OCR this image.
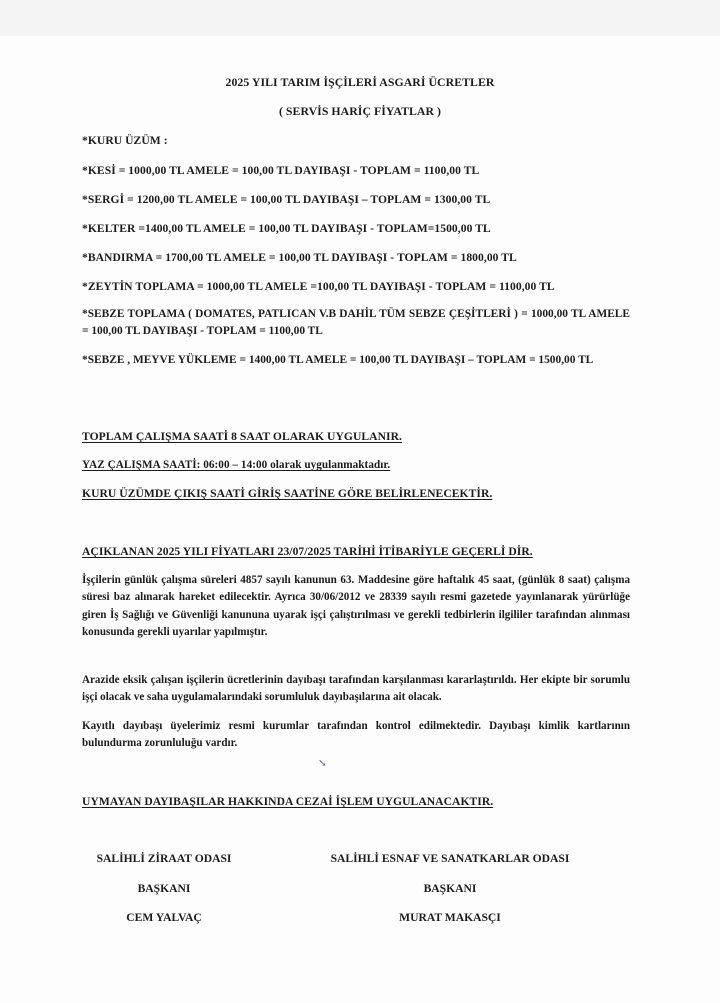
2025 YILI TARIM İŞÇİLERİ ASGARİ ÜCRETLER
( SERVİS HARİÇ FİYATLAR )
*KURU ÜZÜM :
*KESİ = 1000,00 TL AMELE = 100,00 TL DAYIBAŞI - TOPLAM = 1100,00 TL
*SERGİ = 1200,00 TL AMELE = 100,00 TL DAYIBAŞI – TOPLAM = 1300,00 TL
*KELTER =1400,00 TL AMELE = 100,00 TL DAYIBAŞI - TOPLAM=1500,00 TL
*BANDIRMA = 1700,00 TL AMELE = 100,00 TL DAYIBAŞI - TOPLAM = 1800,00 TL
*ZEYTİN TOPLAMA = 1000,00 TL AMELE =100,00 TL DAYIBAŞI - TOPLAM = 1100,00 TL
*SEBZE TOPLAMA ( DOMATES, PATLICAN V.B DAHİL TÜM SEBZE ÇEŞİTLERİ ) = 1000,00 TL AMELE = 100,00 TL DAYIBAŞI - TOPLAM = 1100,00 TL
*SEBZE , MEYVE YÜKLEME = 1400,00 TL AMELE = 100,00 TL DAYIBAŞI – TOPLAM = 1500,00 TL
TOPLAM ÇALIŞMA SAATİ 8 SAAT OLARAK UYGULANIR.
YAZ ÇALIŞMA SAATİ: 06:00 – 14:00 olarak uygulanmaktadır.
KURU ÜZÜMDE ÇIKIŞ SAATİ GİRİŞ SAATİNE GÖRE BELİRLENECEKTİR.
AÇIKLANAN 2025 YILI FİYATLARI 23/07/2025 TARİHİ İTİBARİYLE GEÇERLİ DİR.
İşçilerin günlük çalışma süreleri 4857 sayılı kanunun 63. Maddesine göre haftalık 45 saat, (günlük 8 saat) çalışma süresi baz alınarak hareket edilecektir. Ayrıca 30/06/2012 ve 28339 sayılı resmi gazetede yayınlanarak yürürlüğe giren İş Sağlığı ve Güvenliği kanununa uyarak işçi çalıştırılması ve gerekli tedbirlerin ilgililer tarafından alınması konusunda gerekli uyarılar yapılmıştır.
Arazide eksik çalışan işçilerin ücretlerinin dayıbaşı tarafından karşılanması kararlaştırıldı. Her ekipte bir sorumlu işçi olacak ve saha uygulamalarındaki sorumluluk dayıbaşılarına ait olacak.
Kayıtlı dayıbaşı üyelerimiz resmi kurumlar tarafından kontrol edilmektedir. Dayıbaşı kimlik kartlarının bulundurma zorunluluğu vardır.
↘
UYMAYAN DAYIBAŞILAR HAKKINDA CEZAİ İŞLEM UYGULANACAKTIR.
SALİHLİ ZİRAAT ODASI
BAŞKANI
CEM YALVAÇ
SALİHLİ ESNAF VE SANATKARLAR ODASI
BAŞKANI
MURAT MAKASÇI
